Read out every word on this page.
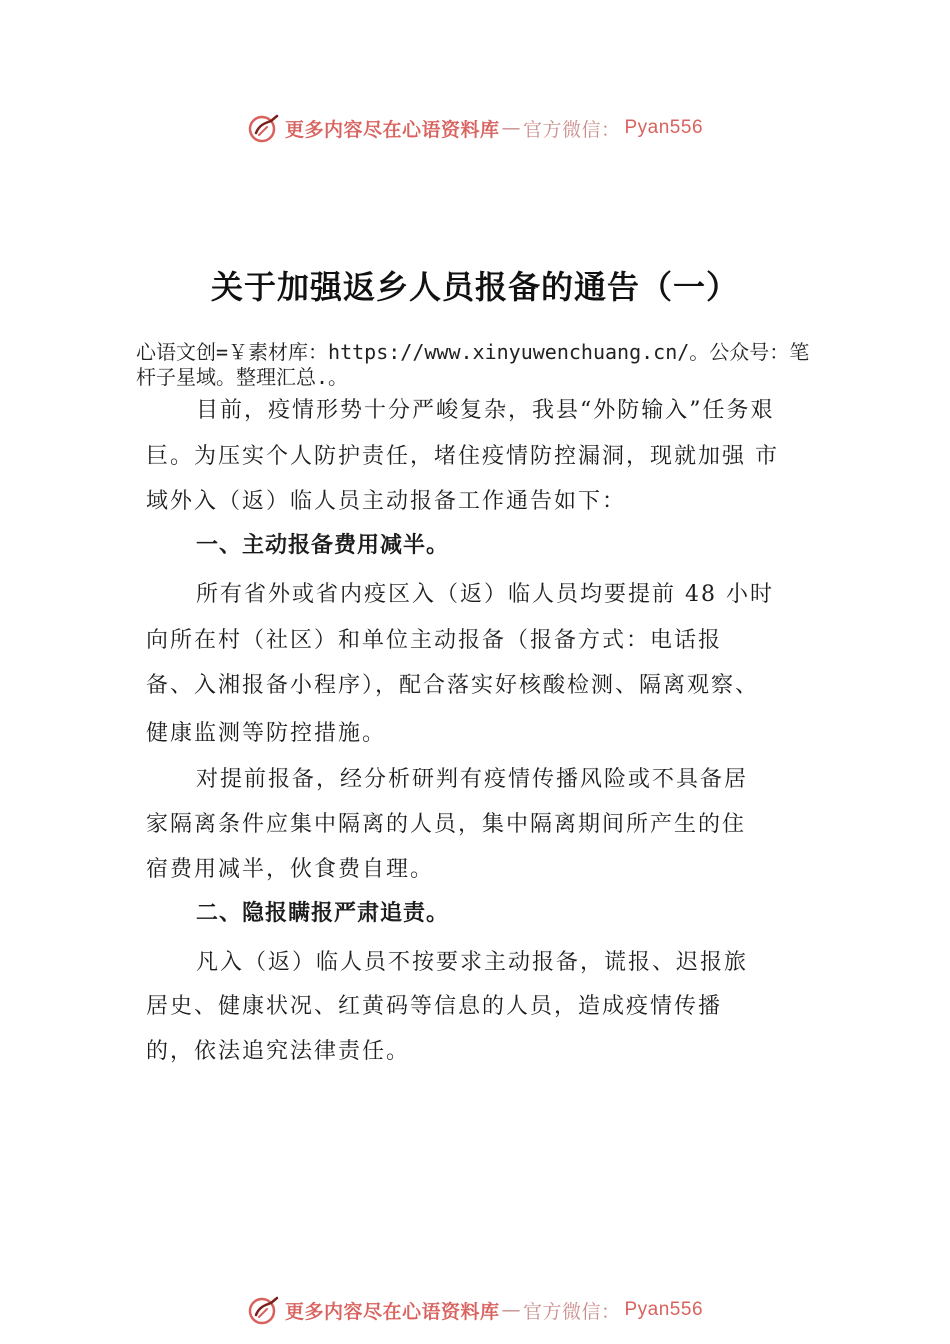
更多内容尽在心语资料库 — 官方微信： Pyan556
关于加强返乡人员报备的通告（一）
心语文创=￥素材库：https://www.xinyuwenchuang.cn/。公众号：笔杆子星域。整理汇总.。
目前，疫情形势十分严峻复杂，我县“外防输入”任务艰
巨。为压实个人防护责任，堵住疫情防控漏洞，现就加强 市
域外入（返）临人员主动报备工作通告如下：
一、主动报备费用减半。
所有省外或省内疫区入（返）临人员均要提前 48 小时
向所在村（社区）和单位主动报备（报备方式：电话报
备、入湘报备小程序），配合落实好核酸检测、隔离观察、
健康监测等防控措施。
对提前报备，经分析研判有疫情传播风险或不具备居
家隔离条件应集中隔离的人员，集中隔离期间所产生的住
宿费用减半，伙食费自理。
二、隐报瞒报严肃追责。
凡入（返）临人员不按要求主动报备，谎报、迟报旅
居史、健康状况、红黄码等信息的人员，造成疫情传播
的，依法追究法律责任。
更多内容尽在心语资料库 — 官方微信： Pyan556
